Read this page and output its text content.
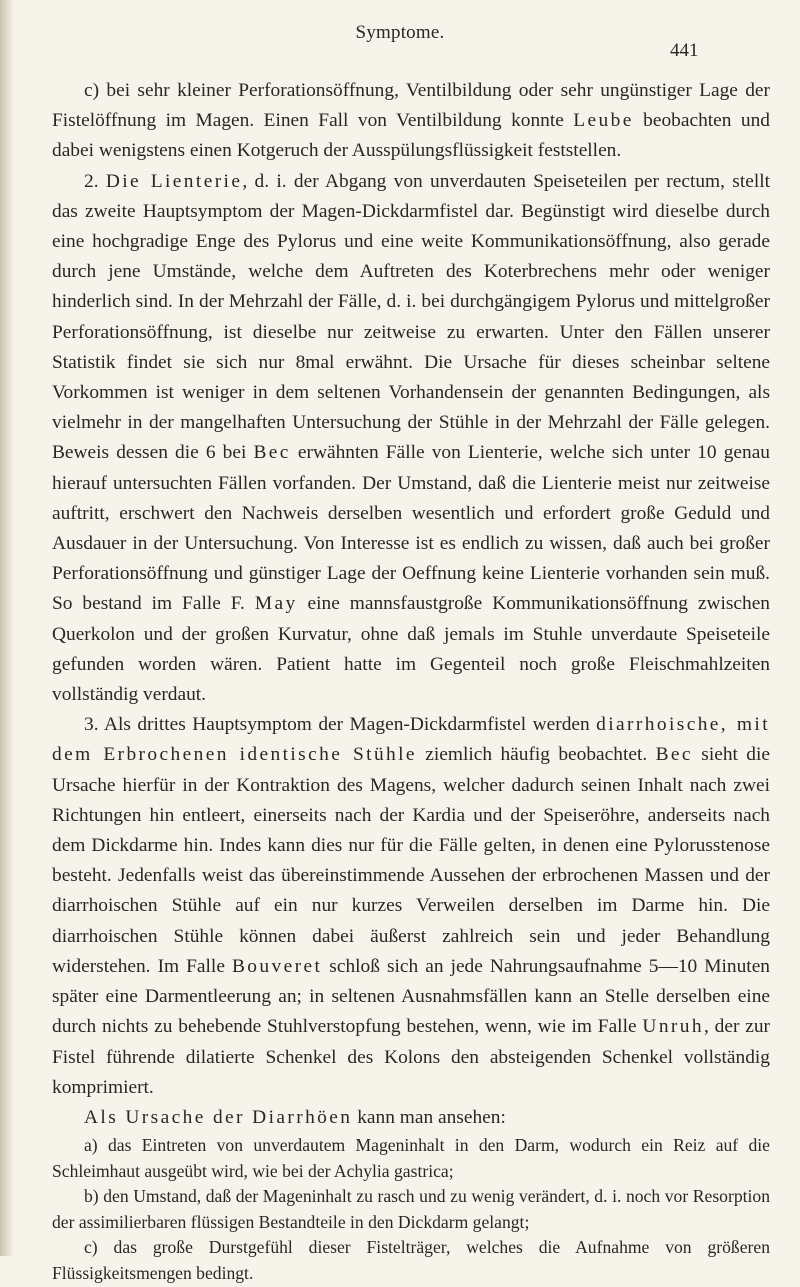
Symptome.
441

c) bei sehr kleiner Perforationsöffnung, Ventilbildung oder sehr ungünstiger Lage der Fistelöffnung im Magen. Einen Fall von Ventilbildung konnte Leube beobachten und dabei wenigstens einen Kotgeruch der Ausspülungsflüssigkeit feststellen.

2. Die Lienterie, d. i. der Abgang von unverdauten Speiseteilen per rectum, stellt das zweite Hauptsymptom der Magen-Dickdarmfistel dar. Begünstigt wird dieselbe durch eine hochgradige Enge des Pylorus und eine weite Kommunikationsöffnung, also gerade durch jene Umstände, welche dem Auftreten des Koterbrechens mehr oder weniger hinderlich sind. In der Mehrzahl der Fälle, d. i. bei durchgängigem Pylorus und mittelgroßer Perforationsöffnung, ist dieselbe nur zeitweise zu erwarten. Unter den Fällen unserer Statistik findet sie sich nur 8mal erwähnt. Die Ursache für dieses scheinbar seltene Vorkommen ist weniger in dem seltenen Vorhandensein der genannten Bedingungen, als vielmehr in der mangelhaften Untersuchung der Stühle in der Mehrzahl der Fälle gelegen. Beweis dessen die 6 bei Bec erwähnten Fälle von Lienterie, welche sich unter 10 genau hierauf untersuchten Fällen vorfanden. Der Umstand, daß die Lienterie meist nur zeitweise auftritt, erschwert den Nachweis derselben wesentlich und erfordert große Geduld und Ausdauer in der Untersuchung. Von Interesse ist es endlich zu wissen, daß auch bei großer Perforationsöffnung und günstiger Lage der Oeffnung keine Lienterie vorhanden sein muß. So bestand im Falle F. May eine mannsfaustgroße Kommunikationsöffnung zwischen Querkolon und der großen Kurvatur, ohne daß jemals im Stuhle unverdaute Speiseteile gefunden worden wären. Patient hatte im Gegenteil noch große Fleischmahlzeiten vollständig verdaut.

3. Als drittes Hauptsymptom der Magen-Dickdarmfistel werden diarrhoische, mit dem Erbrochenen identische Stühle ziemlich häufig beobachtet. Bec sieht die Ursache hierfür in der Kontraktion des Magens, welcher dadurch seinen Inhalt nach zwei Richtungen hin entleert, einerseits nach der Kardia und der Speiseröhre, anderseits nach dem Dickdarme hin. Indes kann dies nur für die Fälle gelten, in denen eine Pylorusstenose besteht. Jedenfalls weist das übereinstimmende Aussehen der erbrochenen Massen und der diarrhoischen Stühle auf ein nur kurzes Verweilen derselben im Darme hin. Die diarrhoischen Stühle können dabei äußerst zahlreich sein und jeder Behandlung widerstehen. Im Falle Bouveret schloß sich an jede Nahrungsaufnahme 5—10 Minuten später eine Darmentleerung an; in seltenen Ausnahmsfällen kann an Stelle derselben eine durch nichts zu behebende Stuhlverstopfung bestehen, wenn, wie im Falle Unruh, der zur Fistel führende dilatierte Schenkel des Kolons den absteigenden Schenkel vollständig komprimiert.

Als Ursache der Diarrhöen kann man ansehen:

a) das Eintreten von unverdautem Mageninhalt in den Darm, wodurch ein Reiz auf die Schleimhaut ausgeübt wird, wie bei der Achylia gastrica;

b) den Umstand, daß der Mageninhalt zu rasch und zu wenig verändert, d. i. noch vor Resorption der assimilierbaren flüssigen Bestandteile in den Dickdarm gelangt;

c) das große Durstgefühl dieser Fistelträger, welches die Aufnahme von größeren Flüssigkeitsmengen bedingt.
